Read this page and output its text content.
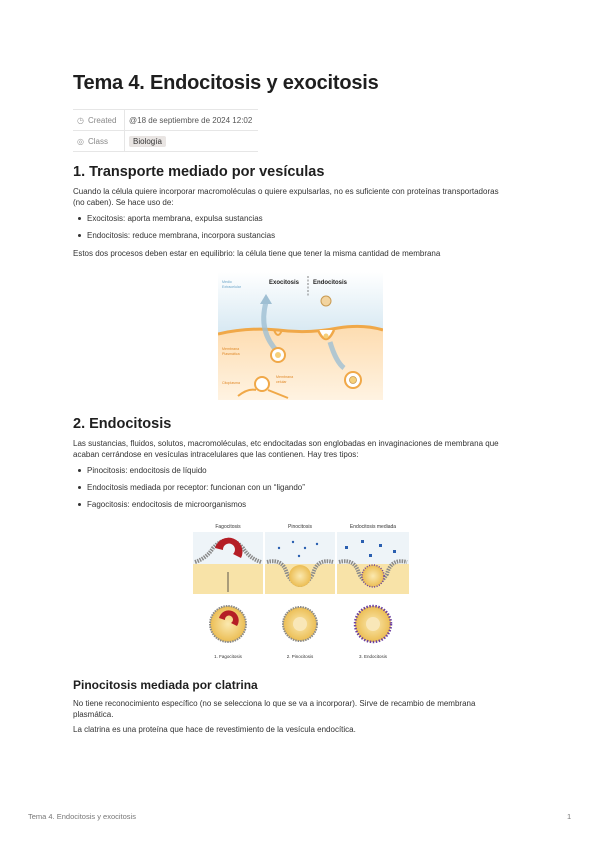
Tema 4. Endocitosis y exocitosis
◷ Created	@18 de septiembre de 2024 12:02
◎ Class	Biología
1. Transporte mediado por vesículas

Cuando la célula quiere incorporar macromoléculas o quiere expulsarlas, no es suficiente con proteínas transportadoras
(no caben). Se hace uso de:

Exocitosis: aporta membrana, expulsa sustancias
Endocitosis: reduce membrana, incorpora sustancias

Estos dos procesos deben estar en equilibrio: la célula tiene que tener la misma cantidad de membrana

Exocitosis Endocitosis
Medio
Extracelular
Membrana
Plasmática
Citoplasma
Membrana
celular
2. Endocitosis

Las sustancias, fluidos, solutos, macromoléculas, etc endocitadas son englobadas en invaginaciones de membrana que
acaban cerrándose en vesículas intracelulares que las contienen. Hay tres tipos:

Pinocitosis: endocitosis de líquido
Endocitosis mediada por receptor: funcionan con un “ligando”
Fagocitosis: endocitosis de microorganismos
Fagocitosis	Pinocitosis	Endocitosis mediada
1. Fagocitosis	2. Pinocitosis	3. Endocitosis
Pinocitosis mediada por clatrina

No tiene reconocimiento específico (no se selecciona lo que se va a incorporar). Sirve de recambio de membrana
plasmática.

La clatrina es una proteína que hace de revestimiento de la vesícula endocítica.

Tema 4. Endocitosis y exocitosis	1
